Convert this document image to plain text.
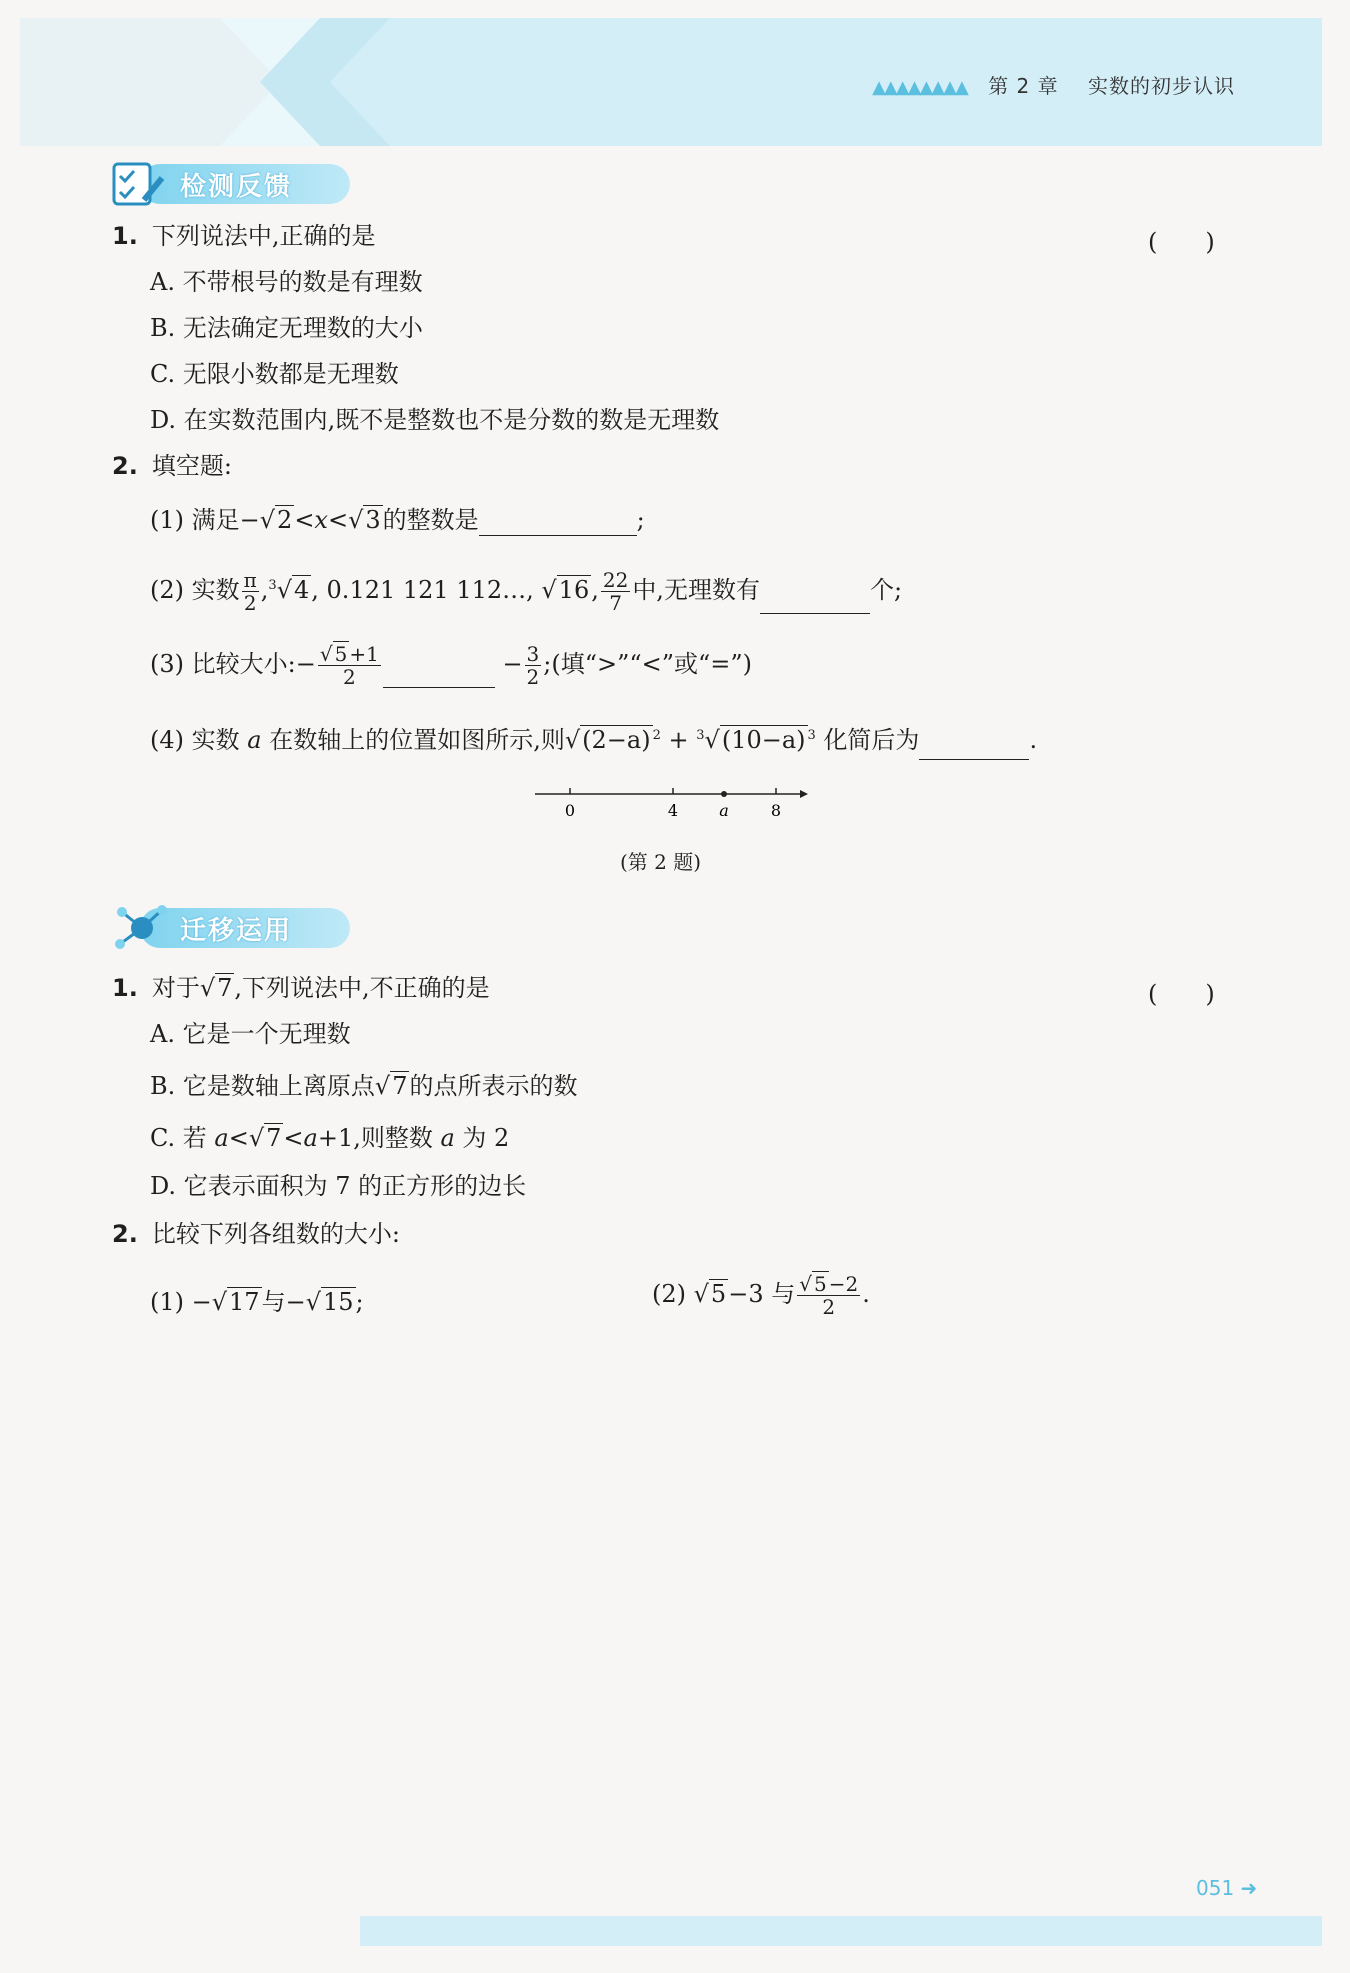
▲▲▲▲▲▲▲▲ 第 2 章 实数的初步认识
检测反馈
1. 下列说法中,正确的是	(　　)
A. 不带根号的数是有理数
B. 无法确定无理数的大小
C. 无限小数都是无理数
D. 在实数范围内,既不是整数也不是分数的数是无理数
2. 填空题:
(1) 满足−√2<x<√3的整数是	;
(2) 实数 $\frac{\pi}{2} ,^3√4$, 0.121 121 112…, √16, $\frac{22}{7}$ 中,无理数有	个;
(3) 比较大小:− $\frac{√ 5 +1}{2}$	− $\frac{3}{2}$ ;(填“>”“<”或“=”)
(4) 实数 a 在数轴上的位置如图所示,则√(2−a) $^2$ + $^3$√(10−a) $^3$ 化简后为	.
0	4	a	8
(第 2 题)
迁移运用
1. 对于√7,下列说法中,不正确的是	(　　)
A. 它是一个无理数
B. 它是数轴上离原点√7的点所表示的数
C. 若 a<√7<a+1,则整数 a 为 2
D. 它表示面积为 7 的正方形的边长
2. 比较下列各组数的大小:
(1) −√17与−√15;	(2) √5−3 与 $\frac{√ 5 -2}{2}$ .
051 ➜
